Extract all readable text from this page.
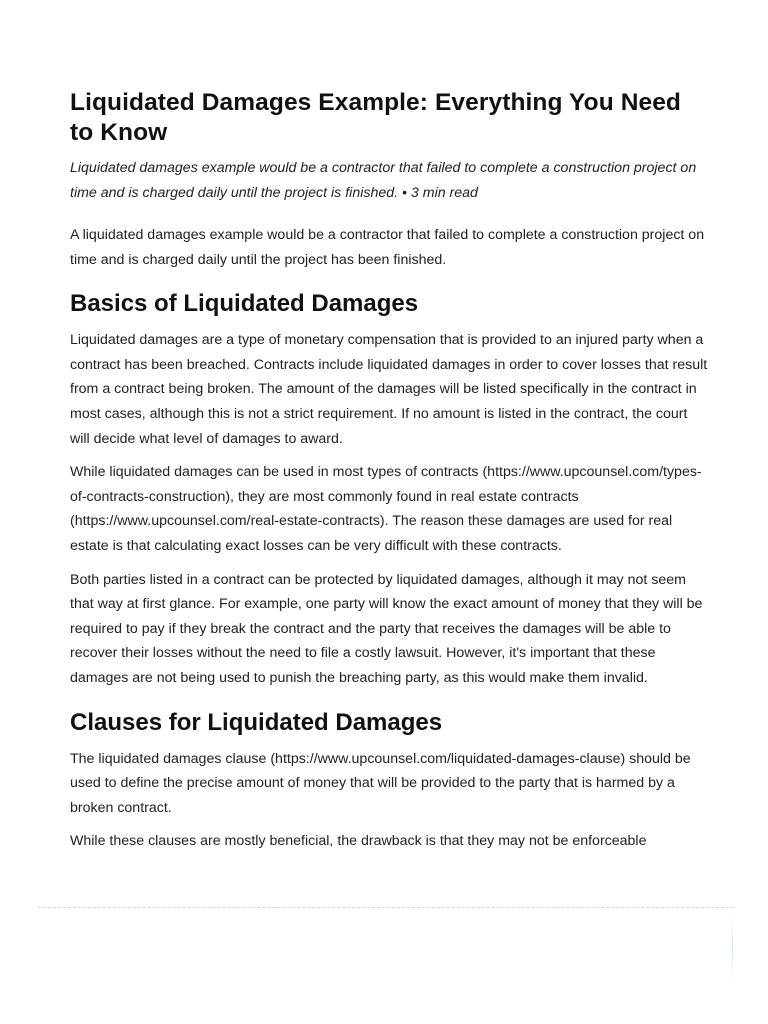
Liquidated Damages Example: Everything You Need to Know

Liquidated damages example would be a contractor that failed to complete a construction project on time and is charged daily until the project is finished. • 3 min read

A liquidated damages example would be a contractor that failed to complete a construction project on time and is charged daily until the project has been finished.

Basics of Liquidated Damages

Liquidated damages are a type of monetary compensation that is provided to an injured party when a contract has been breached. Contracts include liquidated damages in order to cover losses that result from a contract being broken. The amount of the damages will be listed specifically in the contract in most cases, although this is not a strict requirement. If no amount is listed in the contract, the court will decide what level of damages to award.

While liquidated damages can be used in most types of contracts (https://www.upcounsel.com/types-of-contracts-construction), they are most commonly found in real estate contracts (https://www.upcounsel.com/real-estate-contracts). The reason these damages are used for real estate is that calculating exact losses can be very difficult with these contracts.

Both parties listed in a contract can be protected by liquidated damages, although it may not seem that way at first glance. For example, one party will know the exact amount of money that they will be required to pay if they break the contract and the party that receives the damages will be able to recover their losses without the need to file a costly lawsuit. However, it's important that these damages are not being used to punish the breaching party, as this would make them invalid.

Clauses for Liquidated Damages

The liquidated damages clause (https://www.upcounsel.com/liquidated-damages-clause) should be used to define the precise amount of money that will be provided to the party that is harmed by a broken contract.

While these clauses are mostly beneficial, the drawback is that they may not be enforceable
